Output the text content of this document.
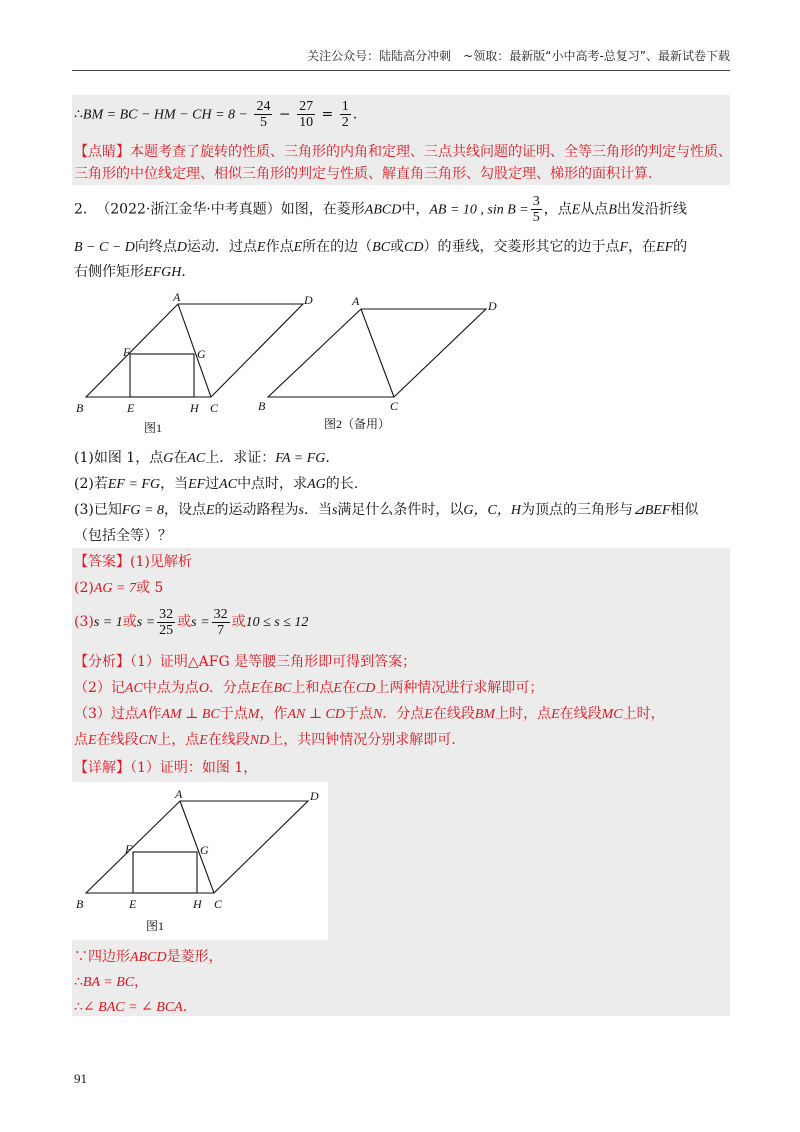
关注公众号：陆陆高分冲刺　~领取：最新版“小中高考-总复习”、最新试卷下载
∴BM = BC − HM − CH = $8 - \frac{24}{5} - \frac{27}{10} = \frac{1}{2}$ .
【点睛】本题考查了旋转的性质、三角形的内角和定理、三点共线问题的证明、全等三角形的判定与性质、
三角形的中位线定理、相似三角形的判定与性质、解直角三角形、勾股定理、梯形的面积计算.
2. （2022·浙江金华·中考真题）如图，在菱形ABCD中，AB = 10 , $\sin B = \frac{3}{5}$ ，点E从点B出发沿折线
B − C − D向终点D运动．过点E作点E所在的边（BC或CD）的垂线，交菱形其它的边于点F，在EF的
右侧作矩形EFGH．
A	D
F	G
B	E	H C
图1
A	D
B	C
图2（备用）
(1)如图 1，点G在AC上．求证：FA = FG.
(2)若EF = FG，当EF过AC中点时，求AG的长.
(3)已知FG = 8，设点E的运动路程为s．当s满足什么条件时，以G，C，H为顶点的三角形与⊿BEF相似
（包括全等）？
【答案】(1)见解析
(2)AG = 7或 5
(3)s = 1或$s = \frac{32}{25}$ 或$s = \frac{32}{7}$ 或10 ≤ s ≤ 12
【分析】（1）证明△AFG 是等腰三角形即可得到答案；
（2）记AC中点为点O．分点E在BC上和点E在CD上两种情况进行求解即可；
（3）过点A作AM ⊥ BC于点M，作AN ⊥ CD于点N．分点E在线段BM上时，点E在线段MC上时，
点E在线段CN上，点E在线段ND上，共四钟情况分别求解即可.
【详解】（1）证明：如图 1，
A	D
F	G
B	E	H C
图1
∵四边形ABCD是菱形，
∴BA = BC，
∴∠ BAC = ∠ BCA.
91
